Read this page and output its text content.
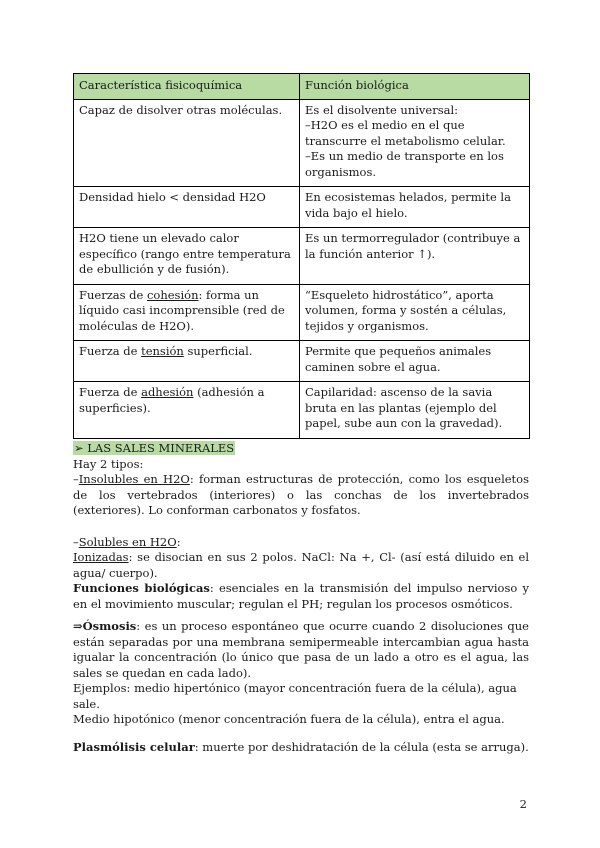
Característica fisicoquímica	Función biológica
Capaz de disolver otras moléculas.	Es el disolvente universal:
–H2O es el medio en el que transcurre el metabolismo celular.
–Es un medio de transporte en los organismos.

Densidad hielo < densidad H2O	En ecosistemas helados, permite la vida bajo el hielo.
H2O tiene un elevado calor específico (rango entre temperatura de ebullición y de fusión).	Es un termorregulador (contribuye a la función anterior ↑).
Fuerzas de cohesión: forma un líquido casi incomprensible (red de moléculas de H2O).	“Esqueleto hidrostático”, aporta volumen, forma y sostén a células, tejidos y organismos.
Fuerza de tensión superficial.	Permite que pequeños animales caminen sobre el agua.
Fuerza de adhesión (adhesión a superficies).	Capilaridad: ascenso de la savia bruta en las plantas (ejemplo del papel, sube aun con la gravedad).

➢ LAS SALES MINERALES

Hay 2 tipos:

–Insolubles en H2O: forman estructuras de protección, como los esqueletos de los vertebrados (interiores) o las conchas de los invertebrados (exteriores). Lo conforman carbonatos y fosfatos.

–Solubles en H2O:

Ionizadas: se disocian en sus 2 polos. NaCl: Na +, Cl- (así está diluido en el agua/ cuerpo).

Funciones biológicas: esenciales en la transmisión del impulso nervioso y en el movimiento muscular; regulan el PH; regulan los procesos osmóticos.

⇒Ósmosis: es un proceso espontáneo que ocurre cuando 2 disoluciones que están separadas por una membrana semipermeable intercambian agua hasta igualar la concentración (lo único que pasa de un lado a otro es el agua, las sales se quedan en cada lado).

Ejemplos: medio hipertónico (mayor concentración fuera de la célula), agua sale.

Medio hipotónico (menor concentración fuera de la célula), entra el agua.

Plasmólisis celular: muerte por deshidratación de la célula (esta se arruga).

2
